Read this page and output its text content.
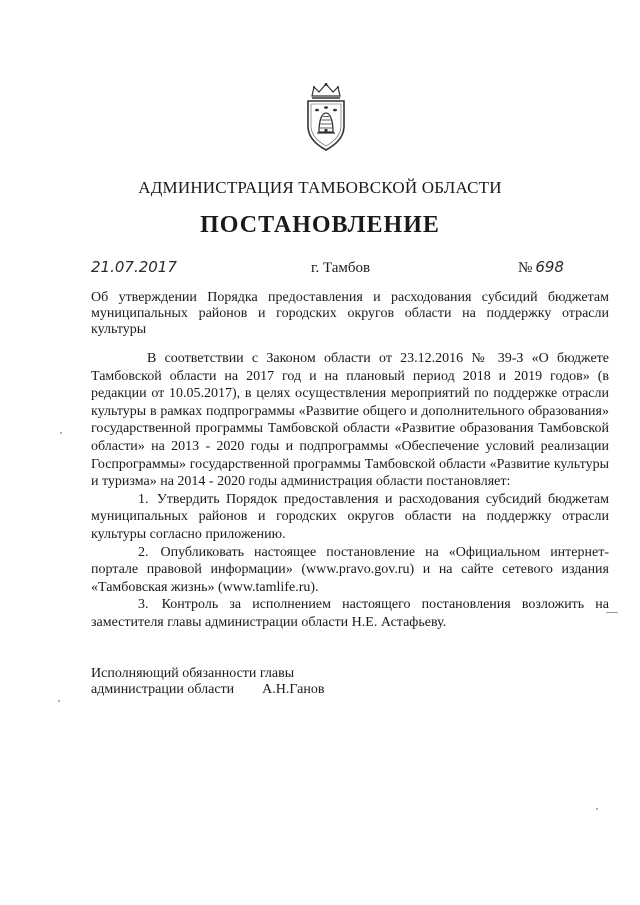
АДМИНИСТРАЦИЯ ТАМБОВСКОЙ ОБЛАСТИ
ПОСТАНОВЛЕНИЕ
21.07.2017	г. Тамбов	№ 698
Об утверждении Порядка предоставления и расходования субсидий бюджетам муниципальных районов и городских округов области на поддержку отрасли культуры

В соответствии с Законом области от 23.12.2016 № 39-З «О бюджете Тамбовской области на 2017 год и на плановый период 2018 и 2019 годов» (в редакции от 10.05.2017), в целях осуществления мероприятий по поддержке отрасли культуры в рамках подпрограммы «Развитие общего и дополнительного образования» государственной программы Тамбовской области «Развитие образования Тамбовской области» на 2013 - 2020 годы и подпрограммы «Обеспечение условий реализации Госпрограммы» государственной программы Тамбовской области «Развитие культуры и туризма» на 2014 - 2020 годы администрация области постановляет:

1. Утвердить Порядок предоставления и расходования субсидий бюджетам муниципальных районов и городских округов области на поддержку отрасли культуры согласно приложению.

2. Опубликовать настоящее постановление на «Официальном интернет-портале правовой информации» (www.pravo.gov.ru) и на сайте сетевого издания «Тамбовская жизнь» (www.tamlife.ru).

3. Контроль за исполнением настоящего постановления возложить на заместителя главы администрации области Н.Е. Астафьеву.

Исполняющий обязанности главы
администрации области А.Н.Ганов
